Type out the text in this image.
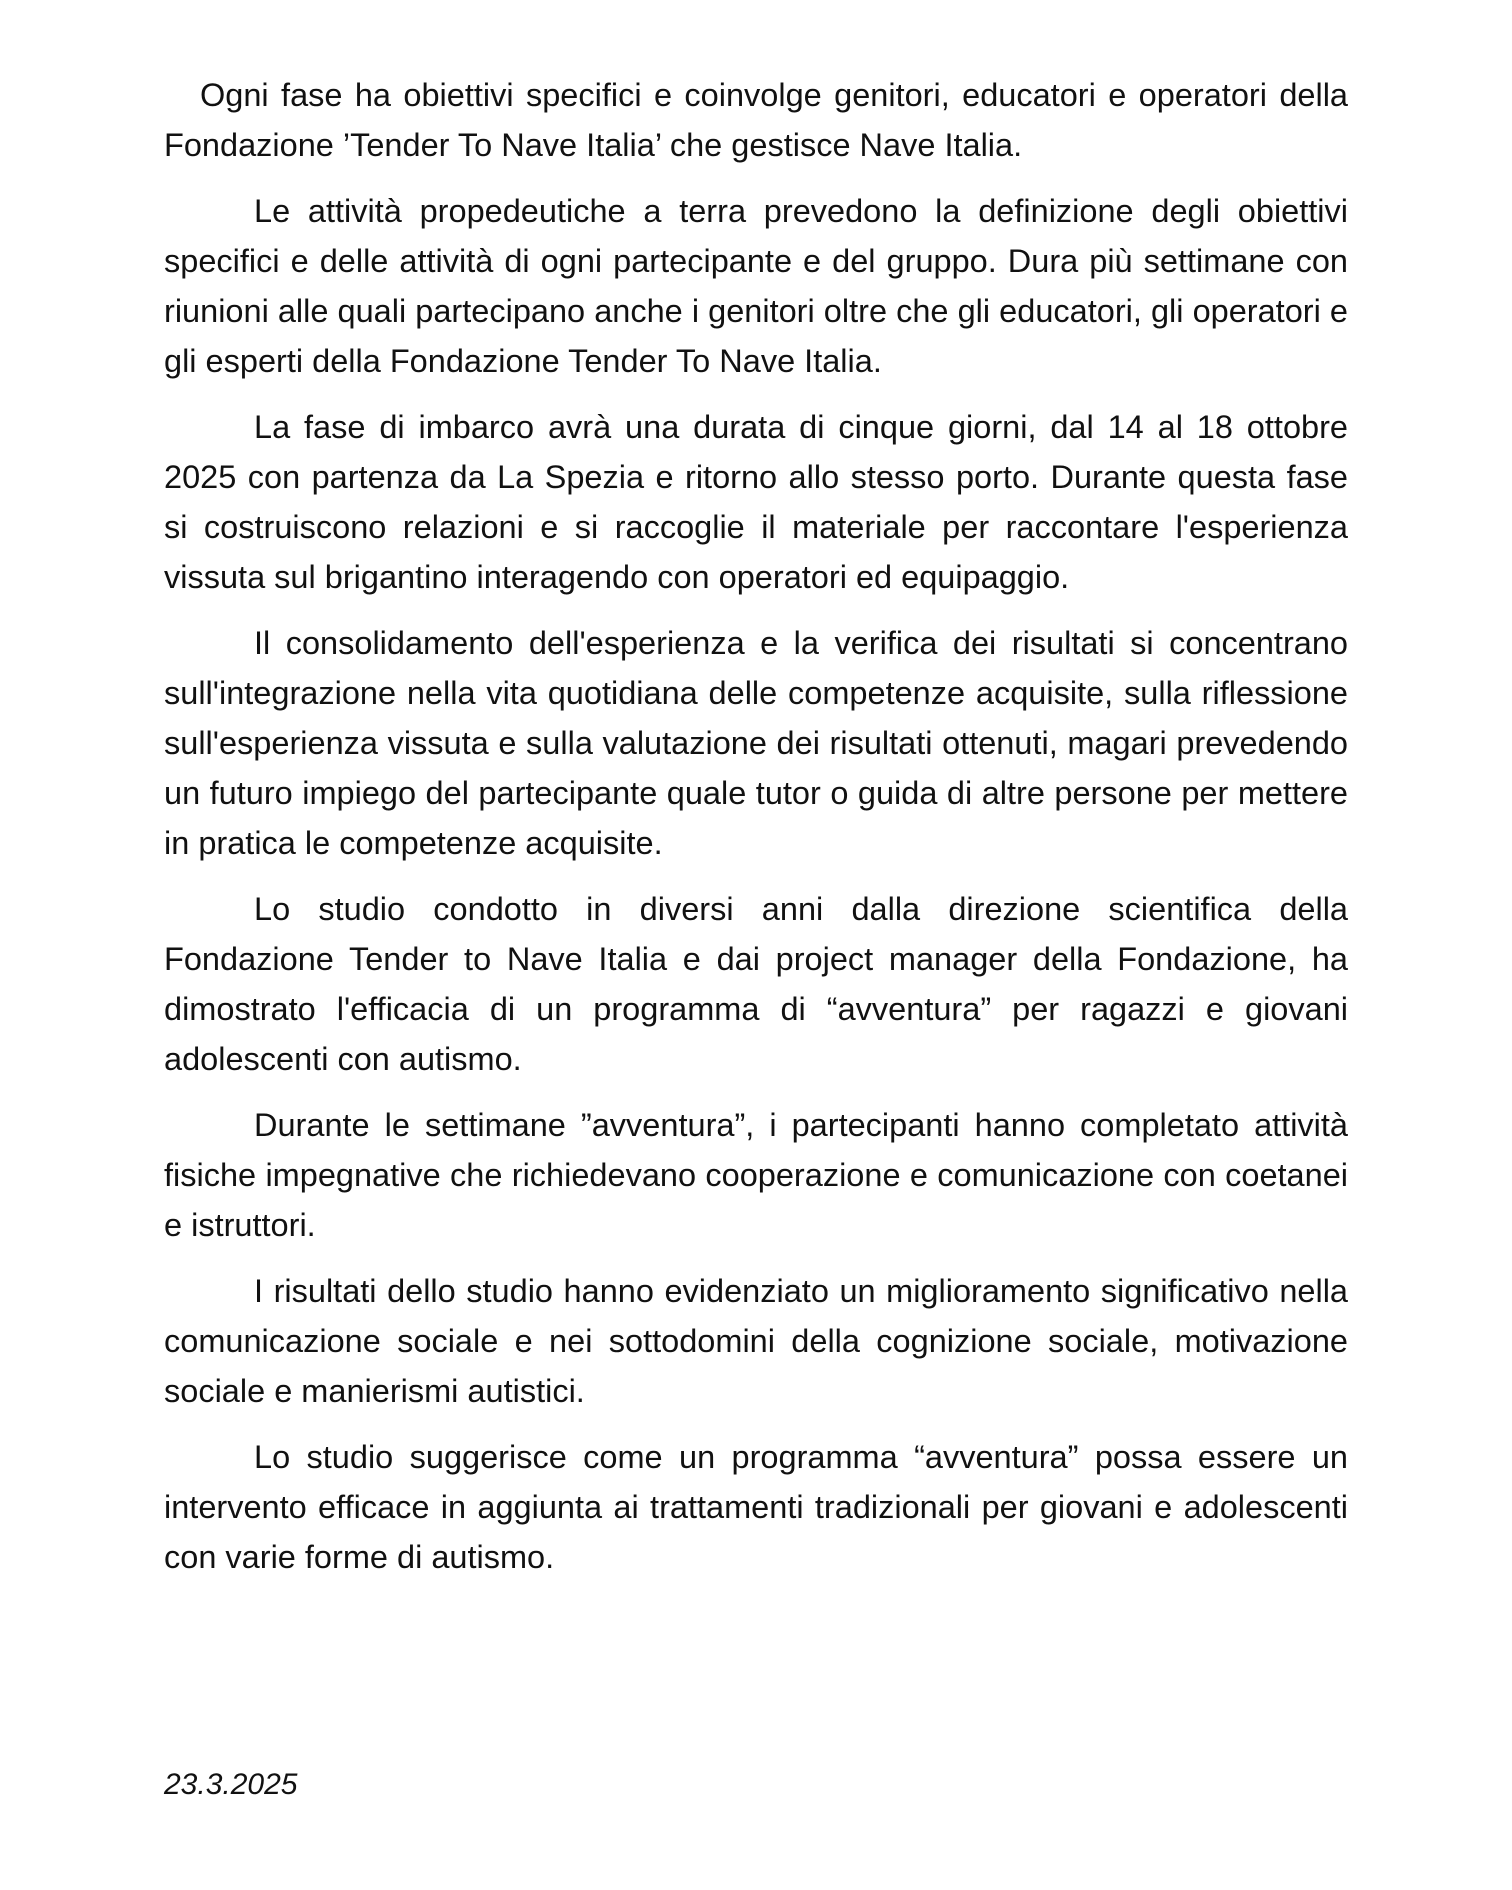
Ogni fase ha obiettivi specifici e coinvolge genitori, educatori e operatori della Fondazione ’Tender To Nave Italia’ che gestisce Nave Italia.

Le attività propedeutiche a terra prevedono la definizione degli obiettivi specifici e delle attività di ogni partecipante e del gruppo. Dura più settimane con riunioni alle quali partecipano anche i genitori oltre che gli educatori, gli operatori e gli esperti della Fondazione Tender To Nave Italia.

La fase di imbarco avrà una durata di cinque giorni, dal 14 al 18 ottobre 2025 con partenza da La Spezia e ritorno allo stesso porto. Durante questa fase si costruiscono relazioni e si raccoglie il materiale per raccontare l'esperienza vissuta sul brigantino interagendo con operatori ed equipaggio.

Il consolidamento dell'esperienza e la verifica dei risultati si concentrano sull'integrazione nella vita quotidiana delle competenze acquisite, sulla riflessione sull'esperienza vissuta e sulla valutazione dei risultati ottenuti, magari prevedendo un futuro impiego del partecipante quale tutor o guida di altre persone per mettere in pratica le competenze acquisite.

Lo studio condotto in diversi anni dalla direzione scientifica della Fondazione Tender to Nave Italia e dai project manager della Fondazione, ha dimostrato l'efficacia di un programma di “avventura” per ragazzi e giovani adolescenti con autismo.

Durante le settimane ”avventura”, i partecipanti hanno completato attività fisiche impegnative che richiedevano cooperazione e comunicazione con coetanei e istruttori.

I risultati dello studio hanno evidenziato un miglioramento significativo nella comunicazione sociale e nei sottodomini della cognizione sociale, motivazione sociale e manierismi autistici.

Lo studio suggerisce come un programma “avventura” possa essere un intervento efficace in aggiunta ai trattamenti tradizionali per giovani e adolescenti con varie forme di autismo.

23.3.2025
